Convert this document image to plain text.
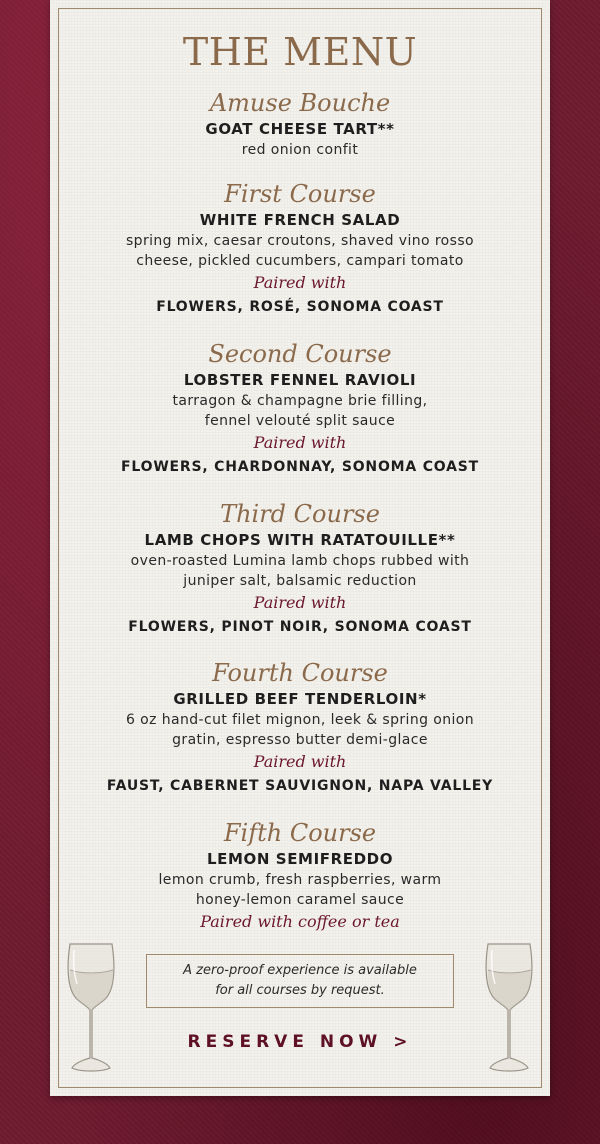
THE MENU
Amuse Bouche
GOAT CHEESE TART**
red onion confit
First Course
WHITE FRENCH SALAD
spring mix, caesar croutons, shaved vino rosso
cheese, pickled cucumbers, campari tomato
Paired with
FLOWERS, ROSÉ, SONOMA COAST
Second Course
LOBSTER FENNEL RAVIOLI
tarragon & champagne brie filling,
fennel velouté split sauce
Paired with
FLOWERS, CHARDONNAY, SONOMA COAST
Third Course
LAMB CHOPS WITH RATATOUILLE**
oven-roasted Lumina lamb chops rubbed with
juniper salt, balsamic reduction
Paired with
FLOWERS, PINOT NOIR, SONOMA COAST
Fourth Course
GRILLED BEEF TENDERLOIN*
6 oz hand-cut filet mignon, leek & spring onion
gratin, espresso butter demi-glace
Paired with
FAUST, CABERNET SAUVIGNON, NAPA VALLEY
Fifth Course
LEMON SEMIFREDDO
lemon crumb, fresh raspberries, warm
honey-lemon caramel sauce
Paired with coffee or tea
A zero-proof experience is available
for all courses by request.
RESERVE NOW >
